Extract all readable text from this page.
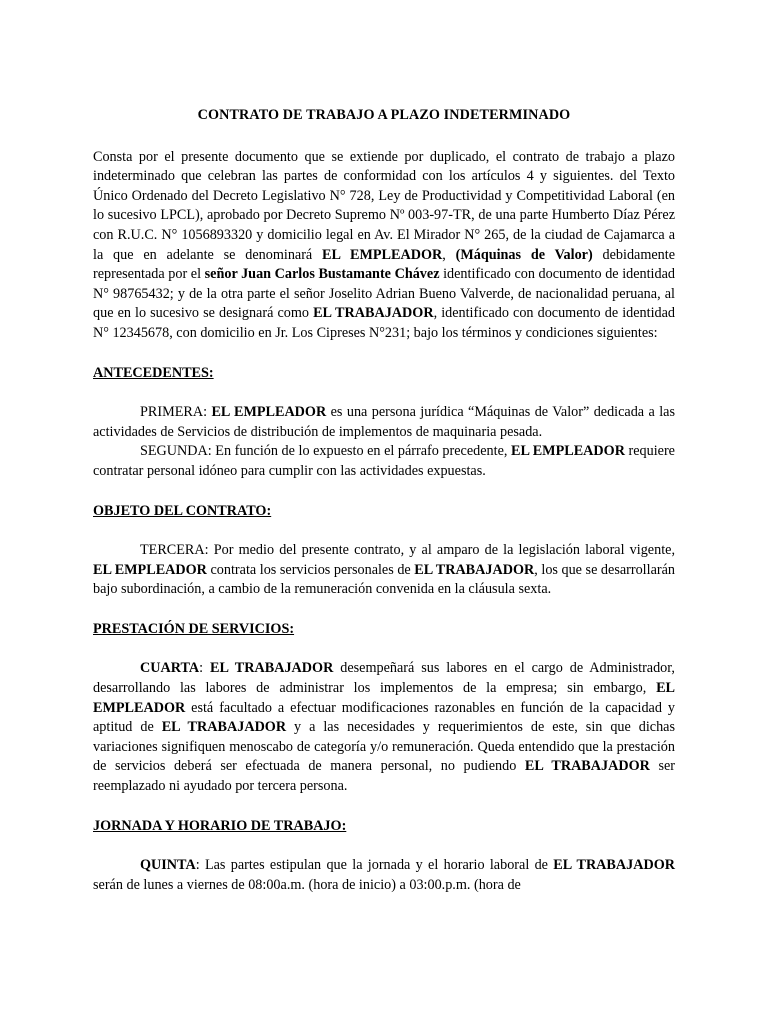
CONTRATO DE TRABAJO A PLAZO INDETERMINADO

Consta por el presente documento que se extiende por duplicado, el contrato de trabajo a plazo indeterminado que celebran las partes de conformidad con los artículos 4 y siguientes. del Texto Único Ordenado del Decreto Legislativo N° 728, Ley de Productividad y Competitividad Laboral (en lo sucesivo LPCL), aprobado por Decreto Supremo Nº 003-97-TR, de una parte Humberto Díaz Pérez con R.U.C. N° 1056893320 y domicilio legal en Av. El Mirador N° 265, de la ciudad de Cajamarca a la que en adelante se denominará EL EMPLEADOR, (Máquinas de Valor) debidamente representada por el señor Juan Carlos Bustamante Chávez identificado con documento de identidad N° 98765432; y de la otra parte el señor Joselito Adrian Bueno Valverde, de nacionalidad peruana, al que en lo sucesivo se designará como EL TRABAJADOR, identificado con documento de identidad N° 12345678, con domicilio en Jr. Los Cipreses N°231; bajo los términos y condiciones siguientes:

ANTECEDENTES:

PRIMERA: EL EMPLEADOR es una persona jurídica “Máquinas de Valor” dedicada a las actividades de Servicios de distribución de implementos de maquinaria pesada.

SEGUNDA: En función de lo expuesto en el párrafo precedente, EL EMPLEADOR requiere contratar personal idóneo para cumplir con las actividades expuestas.

OBJETO DEL CONTRATO:

TERCERA: Por medio del presente contrato, y al amparo de la legislación laboral vigente, EL EMPLEADOR contrata los servicios personales de EL TRABAJADOR, los que se desarrollarán bajo subordinación, a cambio de la remuneración convenida en la cláusula sexta.

PRESTACIÓN DE SERVICIOS:

CUARTA: EL TRABAJADOR desempeñará sus labores en el cargo de Administrador, desarrollando las labores de administrar los implementos de la empresa; sin embargo, EL EMPLEADOR está facultado a efectuar modificaciones razonables en función de la capacidad y aptitud de EL TRABAJADOR y a las necesidades y requerimientos de este, sin que dichas variaciones signifiquen menoscabo de categoría y/o remuneración. Queda entendido que la prestación de servicios deberá ser efectuada de manera personal, no pudiendo EL TRABAJADOR ser reemplazado ni ayudado por tercera persona.

JORNADA Y HORARIO DE TRABAJO:

QUINTA: Las partes estipulan que la jornada y el horario laboral de EL TRABAJADOR serán de lunes a viernes de 08:00a.m. (hora de inicio) a 03:00.p.m. (hora de
